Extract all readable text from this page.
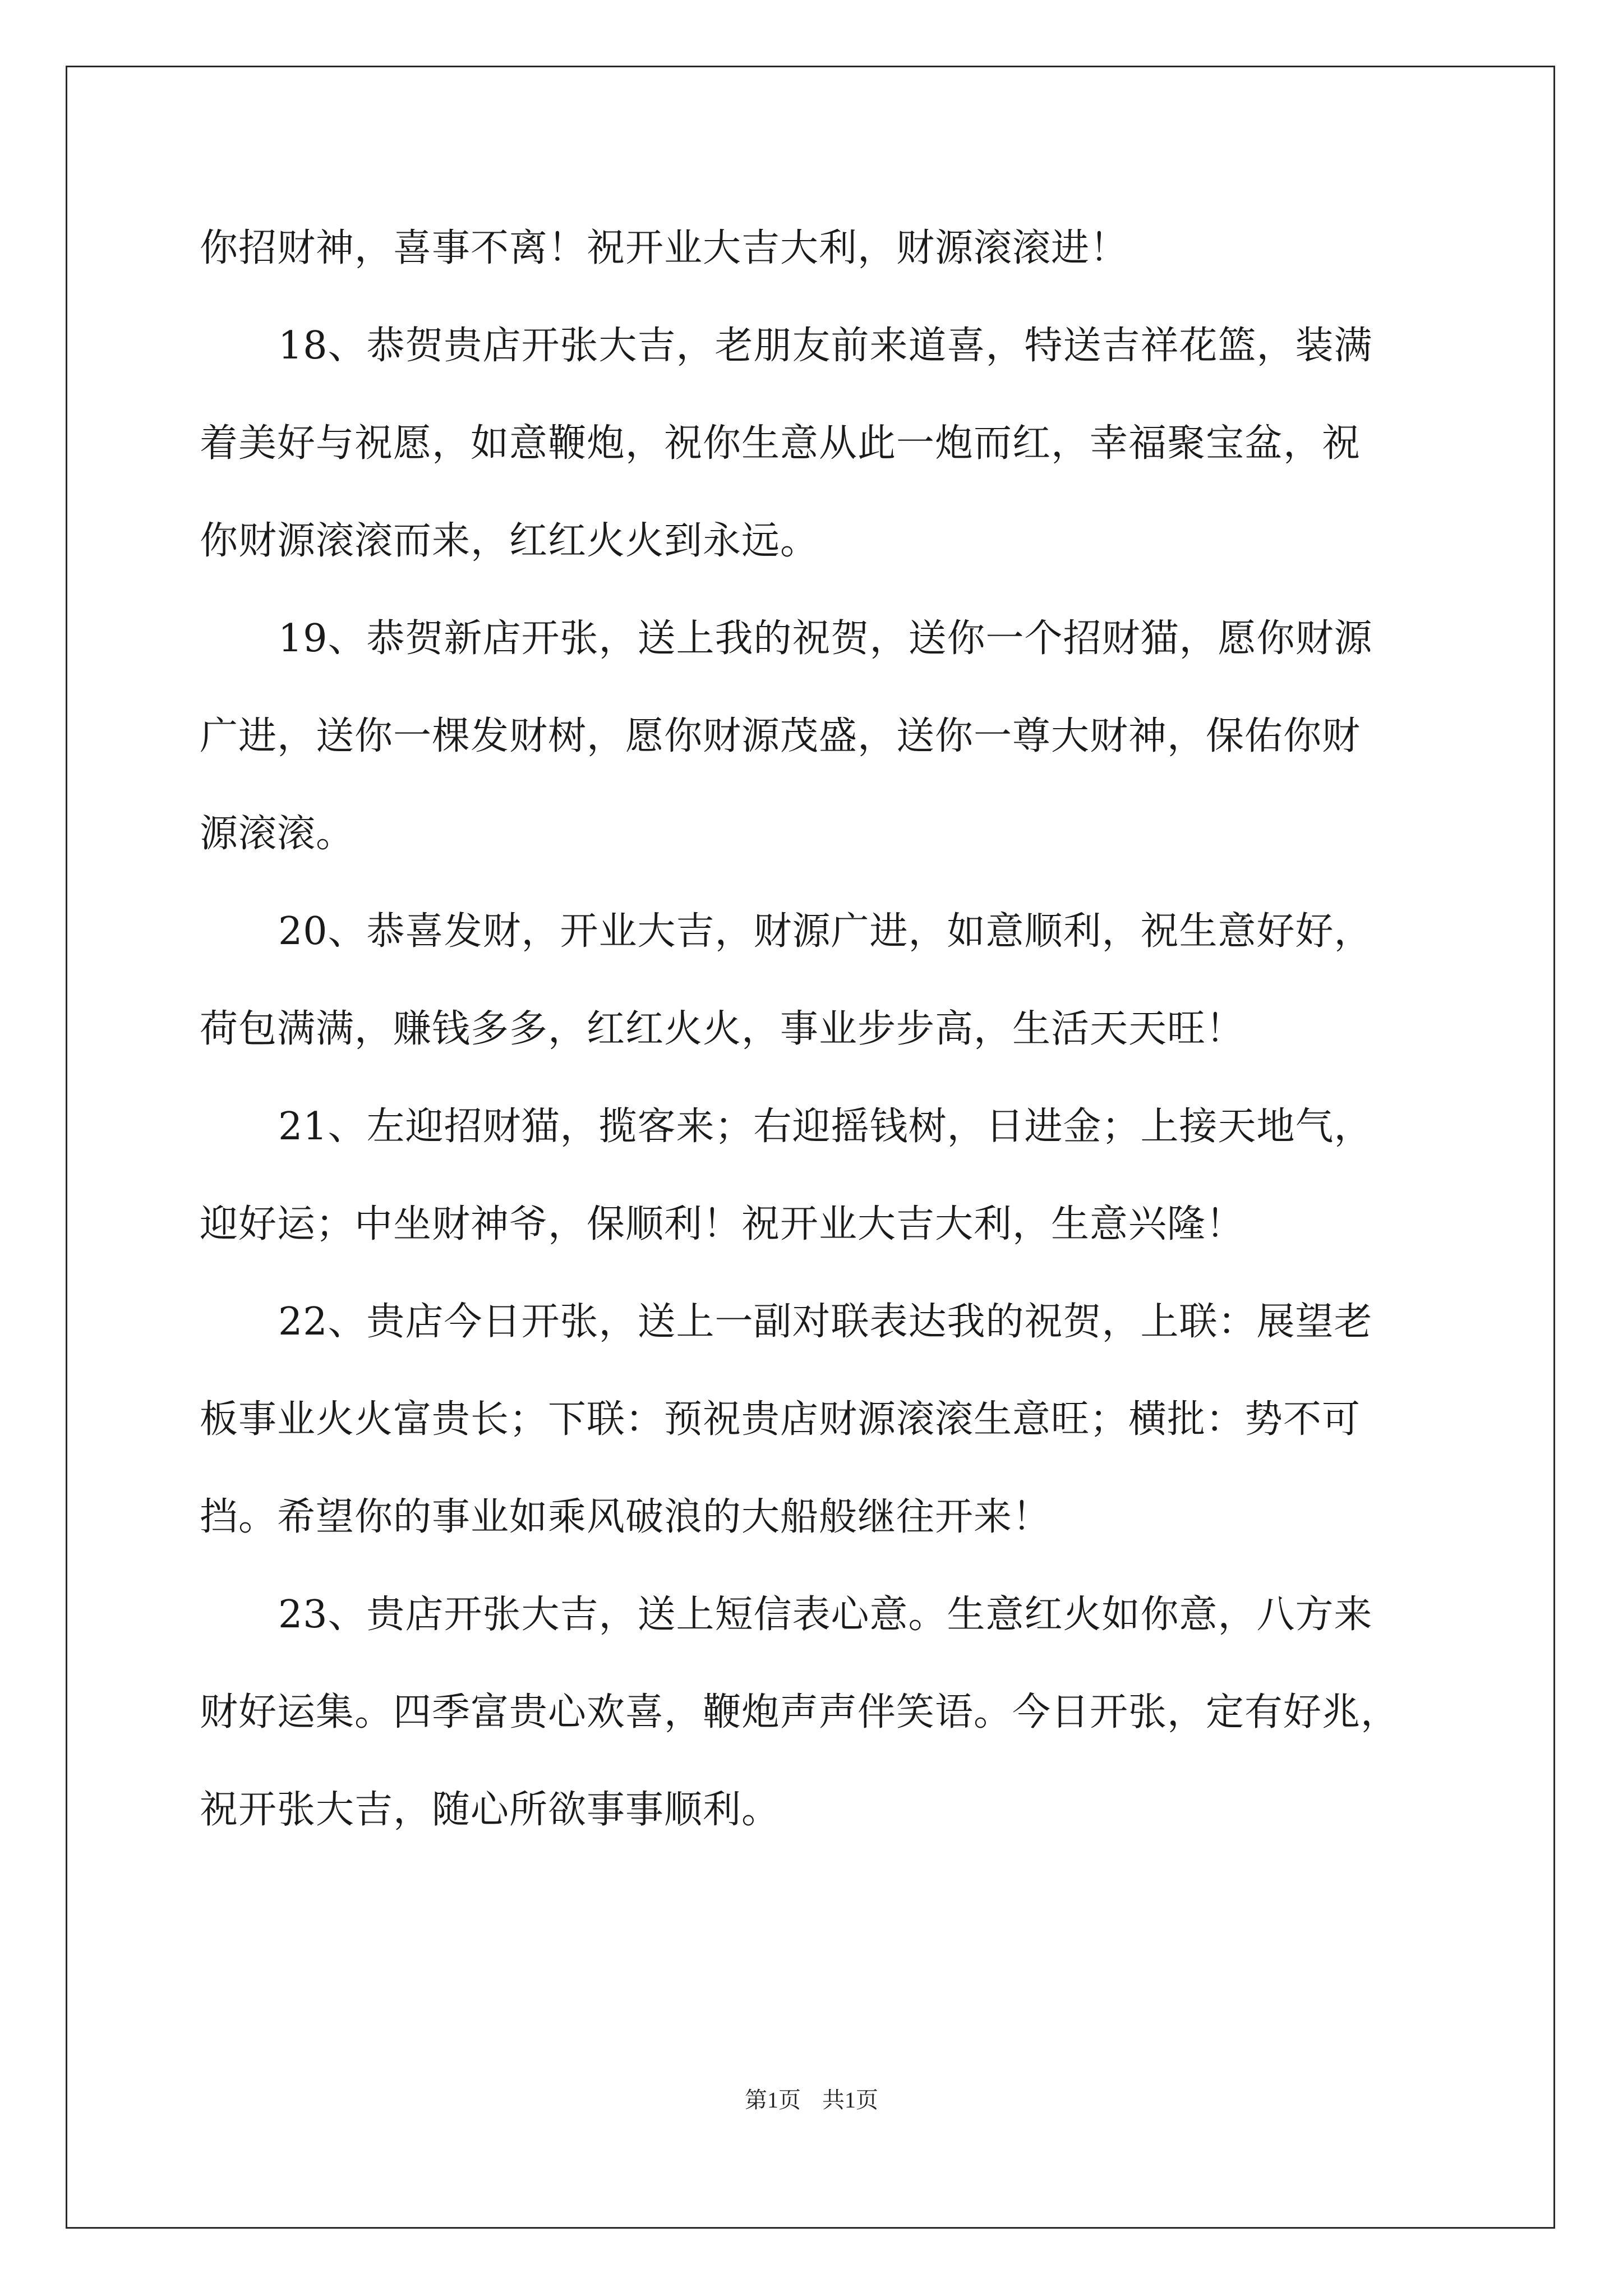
你招财神，喜事不离！祝开业大吉大利，财源滚滚进！
18、恭贺贵店开张大吉，老朋友前来道喜，特送吉祥花篮，装满
着美好与祝愿，如意鞭炮，祝你生意从此一炮而红，幸福聚宝盆，祝
你财源滚滚而来，红红火火到永远。
19、恭贺新店开张，送上我的祝贺，送你一个招财猫，愿你财源
广进，送你一棵发财树，愿你财源茂盛，送你一尊大财神，保佑你财
源滚滚。
20、恭喜发财，开业大吉，财源广进，如意顺利，祝生意好好，
荷包满满，赚钱多多，红红火火，事业步步高，生活天天旺！
21、左迎招财猫，揽客来；右迎摇钱树，日进金；上接天地气，
迎好运；中坐财神爷，保顺利！祝开业大吉大利，生意兴隆！
22、贵店今日开张，送上一副对联表达我的祝贺，上联：展望老
板事业火火富贵长；下联：预祝贵店财源滚滚生意旺；横批：势不可
挡。希望你的事业如乘风破浪的大船般继往开来！
23、贵店开张大吉，送上短信表心意。生意红火如你意，八方来
财好运集。四季富贵心欢喜，鞭炮声声伴笑语。今日开张，定有好兆，
祝开张大吉，随心所欲事事顺利。
第1页 共1页
